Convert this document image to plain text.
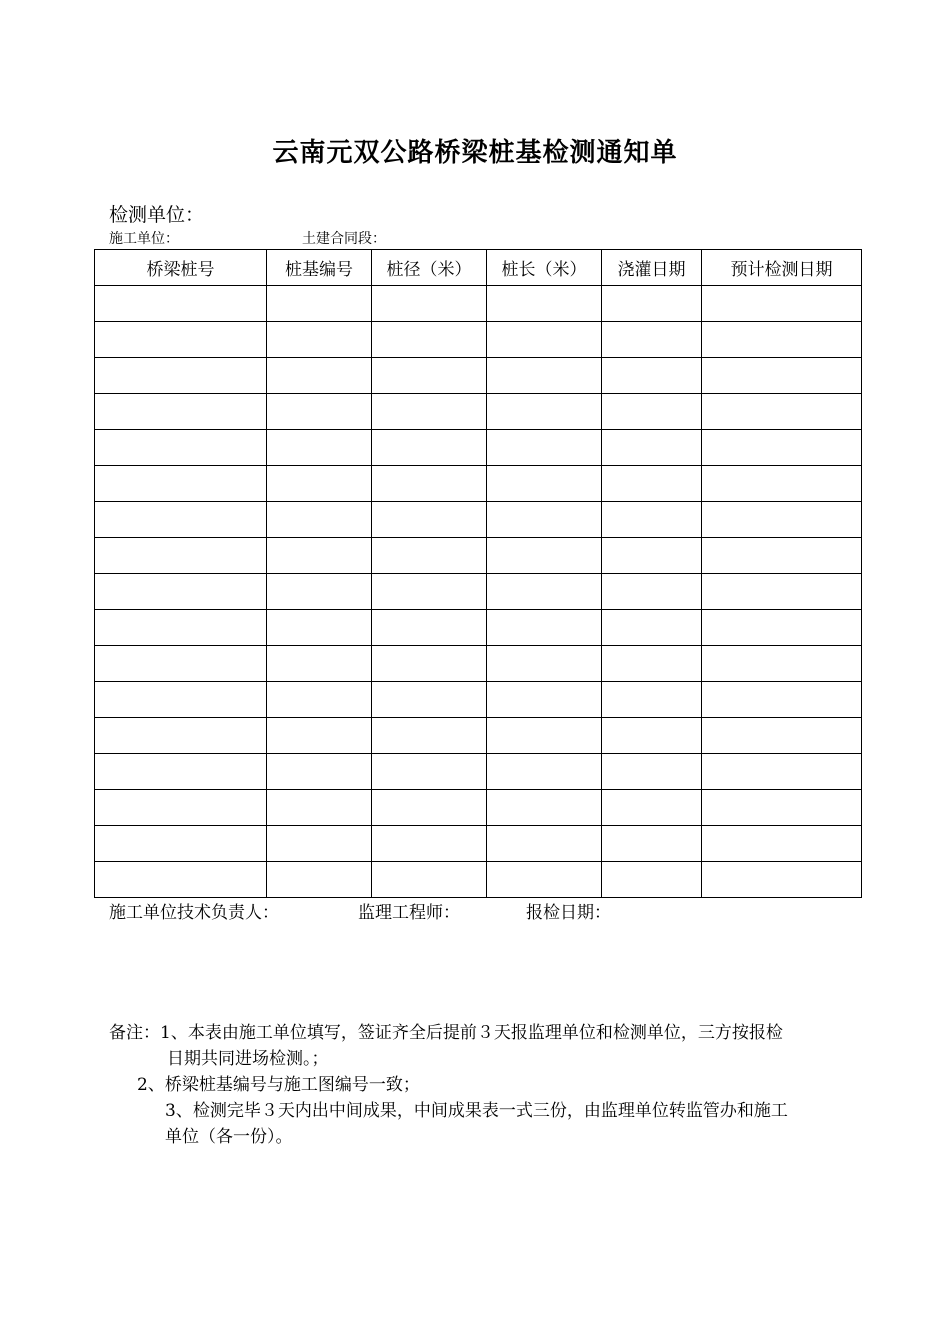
云南元双公路桥梁桩基检测通知单
检测单位：
施工单位：	土建合同段：
桥梁桩号	桩基编号	桩径（米）	桩长（米）	浇灌日期	预计检测日期

施工单位技术负责人：	监理工程师：	报检日期：
备注：1、本表由施工单位填写，签证齐全后提前３天报监理单位和检测单位，三方按报检
日期共同进场检测。；
2、桥梁桩基编号与施工图编号一致；
3、检测完毕３天内出中间成果，中间成果表一式三份，由监理单位转监管办和施工
单位（各一份）。
